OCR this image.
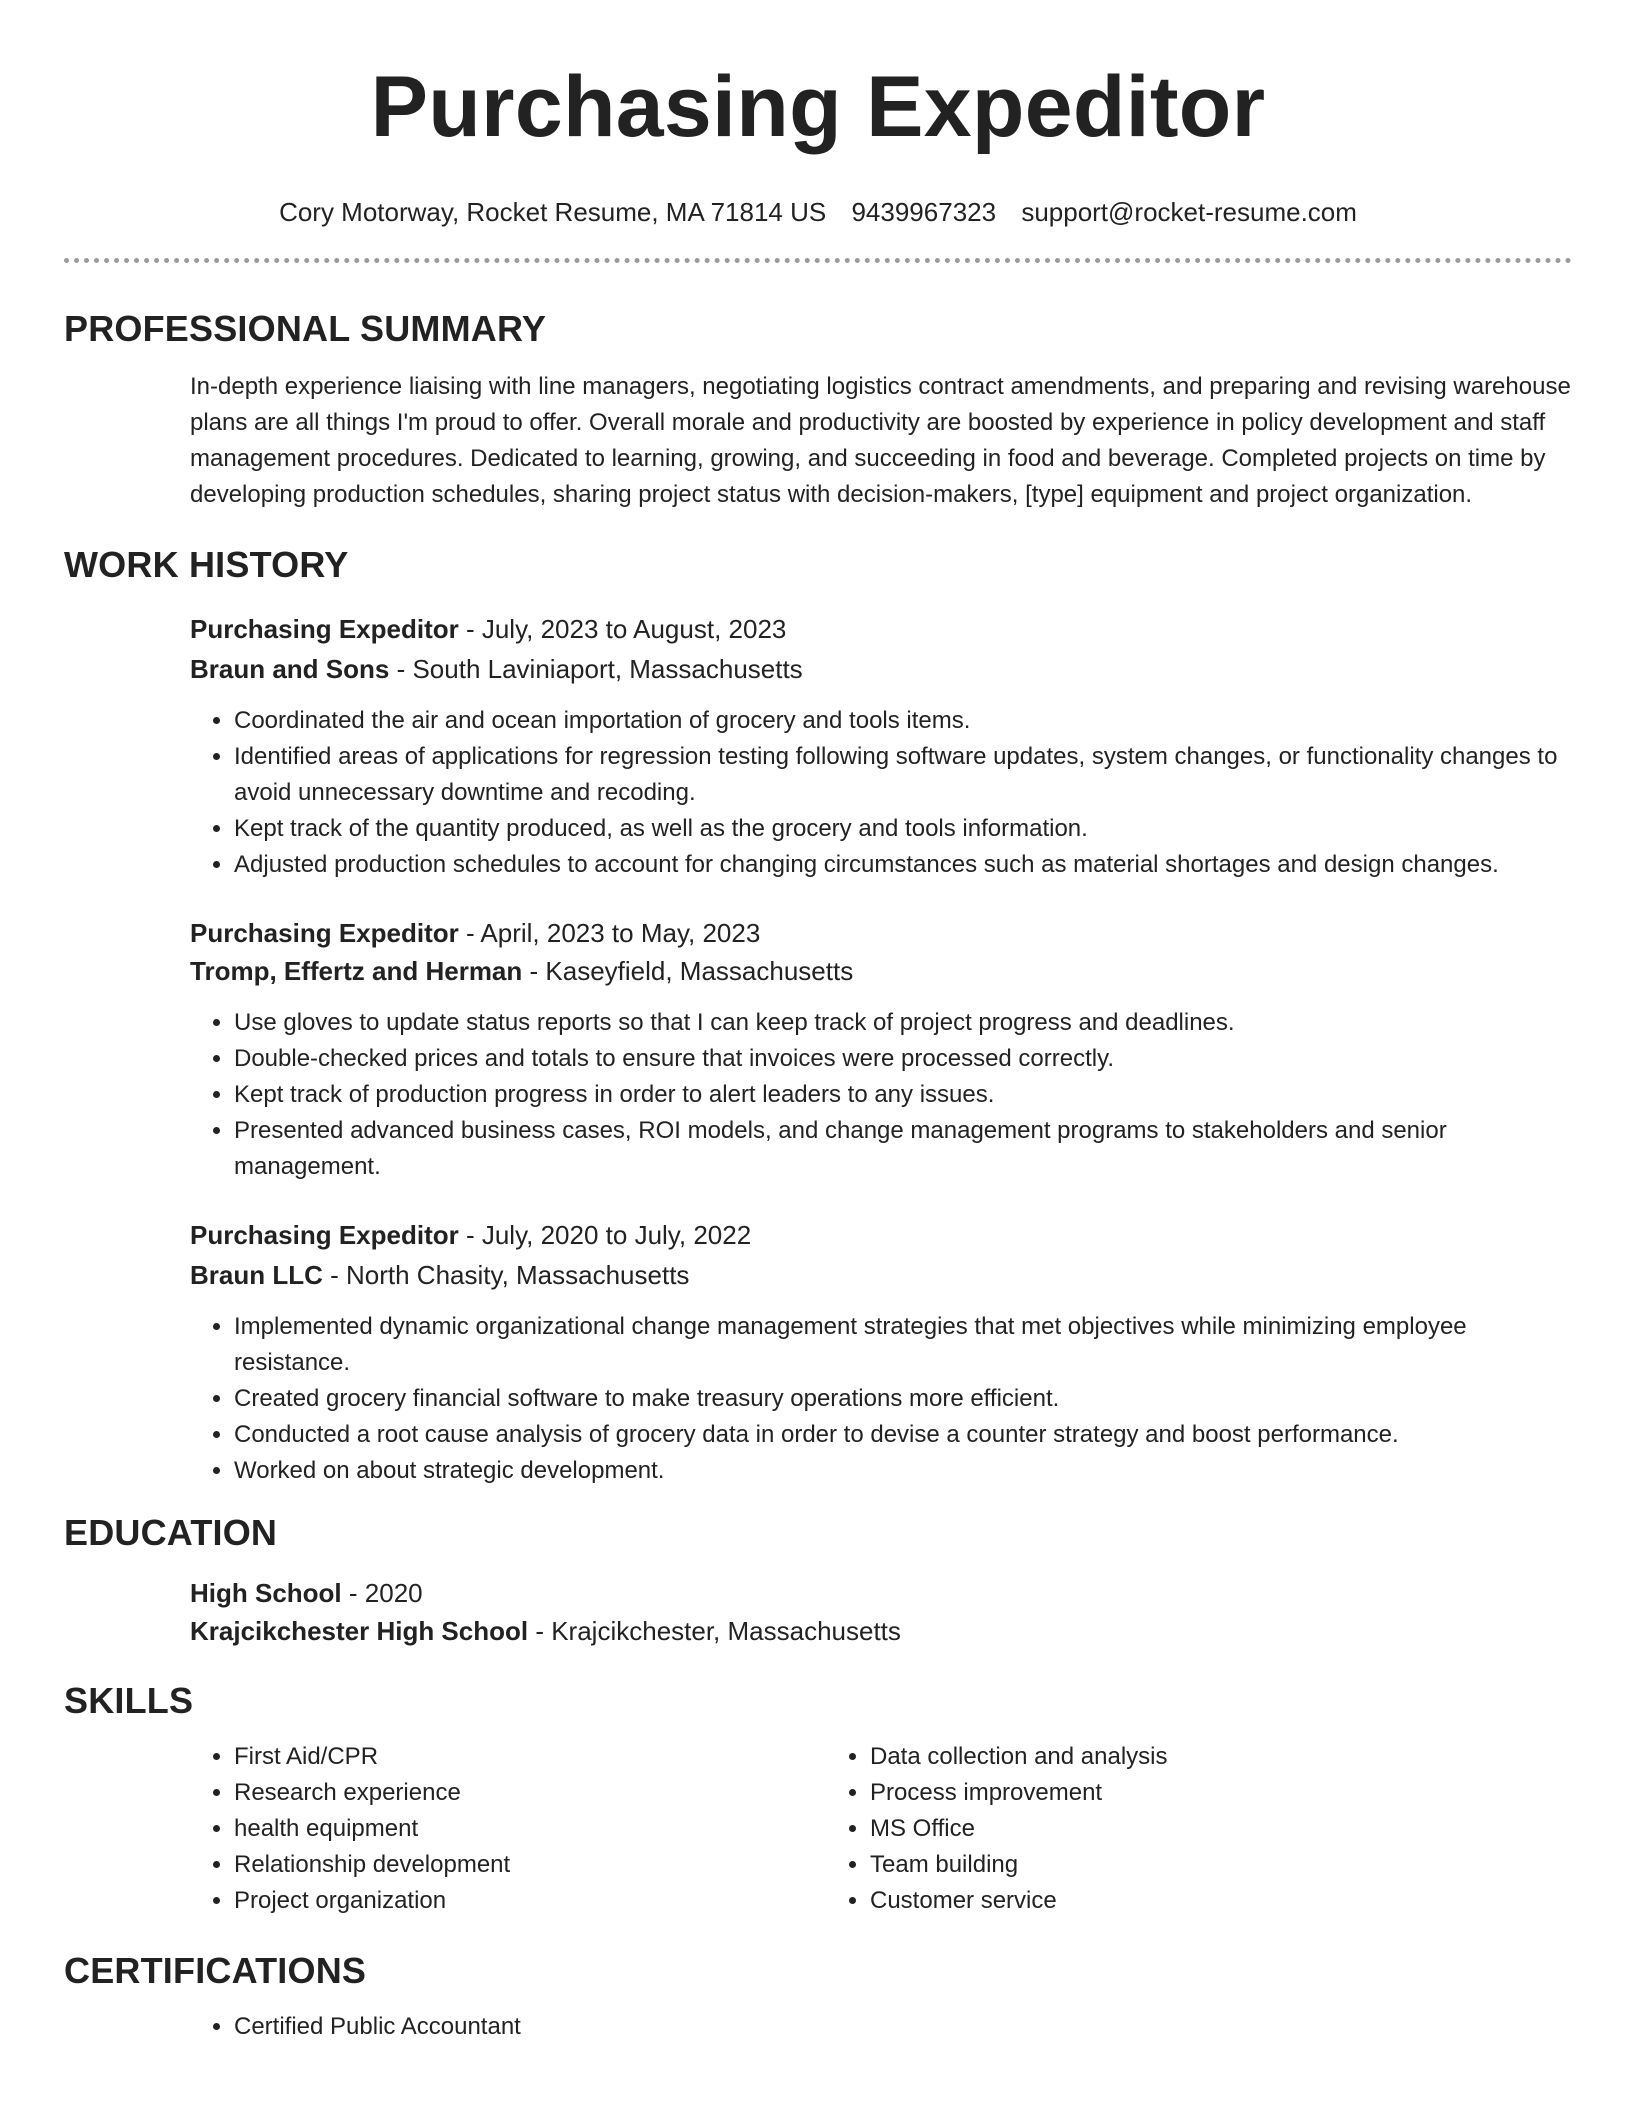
Purchasing Expeditor
Cory Motorway, Rocket Resume, MA 71814 US 9439967323 support@rocket-resume.com
PROFESSIONAL SUMMARY

In-depth experience liaising with line managers, negotiating logistics contract amendments, and preparing and revising warehouse plans are all things I'm proud to offer. Overall morale and productivity are boosted by experience in policy development and staff management procedures. Dedicated to learning, growing, and succeeding in food and beverage. Completed projects on time by developing production schedules, sharing project status with decision-makers, [type] equipment and project organization.

WORK HISTORY

Purchasing Expeditor - July, 2023 to August, 2023

Braun and Sons - South Laviniaport, Massachusetts

• Coordinated the air and ocean importation of grocery and tools items.
• Identified areas of applications for regression testing following software updates, system changes, or functionality changes to avoid unnecessary downtime and recoding.
• Kept track of the quantity produced, as well as the grocery and tools information.
• Adjusted production schedules to account for changing circumstances such as material shortages and design changes.

Purchasing Expeditor - April, 2023 to May, 2023

Tromp, Effertz and Herman - Kaseyfield, Massachusetts

• Use gloves to update status reports so that I can keep track of project progress and deadlines.
• Double-checked prices and totals to ensure that invoices were processed correctly.
• Kept track of production progress in order to alert leaders to any issues.
• Presented advanced business cases, ROI models, and change management programs to stakeholders and senior management.

Purchasing Expeditor - July, 2020 to July, 2022

Braun LLC - North Chasity, Massachusetts

• Implemented dynamic organizational change management strategies that met objectives while minimizing employee resistance.
• Created grocery financial software to make treasury operations more efficient.
• Conducted a root cause analysis of grocery data in order to devise a counter strategy and boost performance.
• Worked on about strategic development.
EDUCATION

High School - 2020

Krajcikchester High School - Krajcikchester, Massachusetts

SKILLS
• First Aid/CPR
• Research experience
• health equipment
• Relationship development
• Project organization
• Data collection and analysis
• Process improvement
• MS Office
• Team building
• Customer service
CERTIFICATIONS
• Certified Public Accountant
